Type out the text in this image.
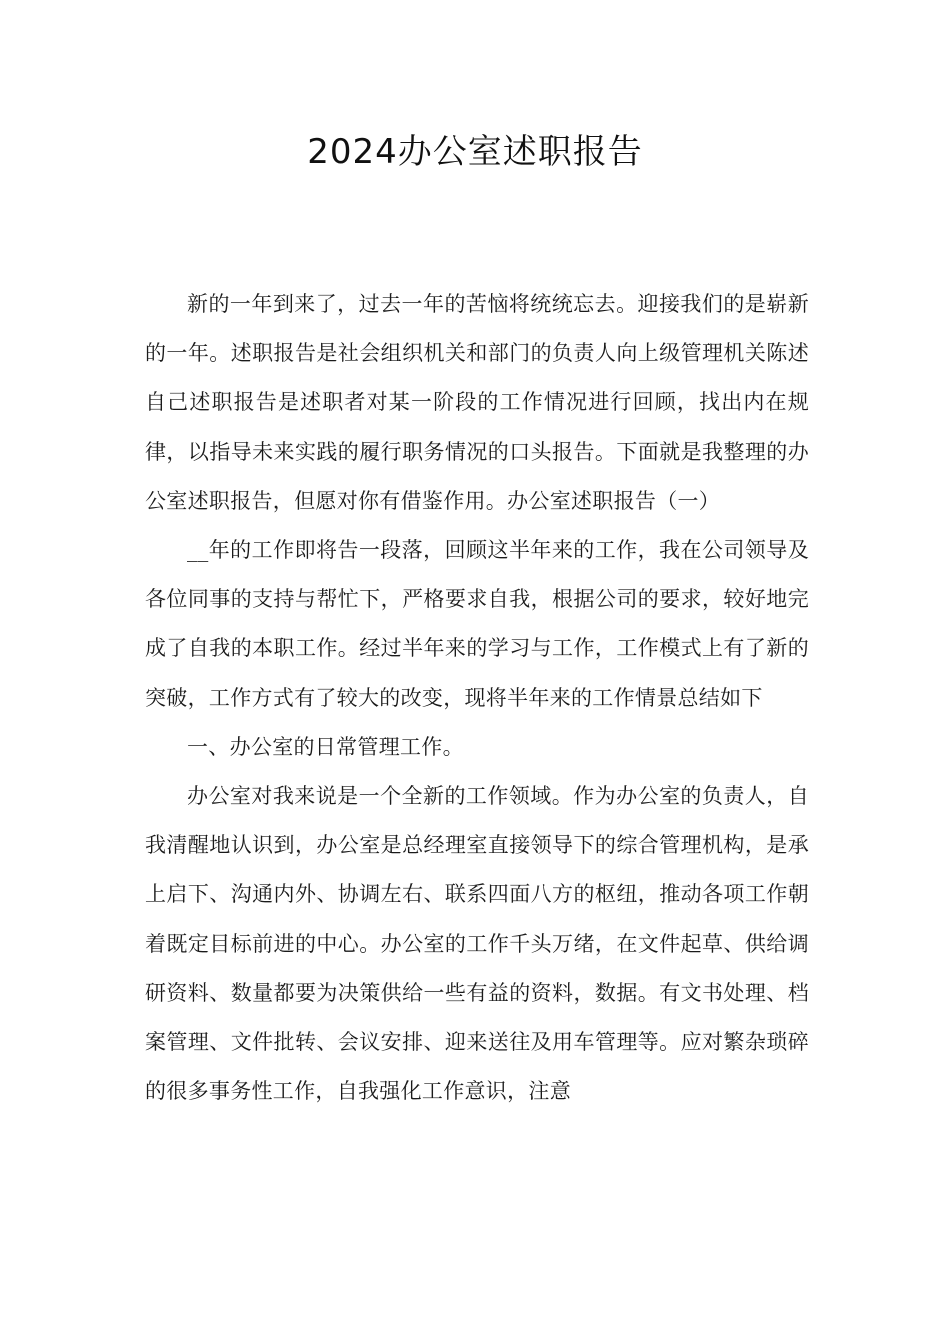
2024办公室述职报告

新的一年到来了，过去一年的苦恼将统统忘去。迎接我们的是崭新的一年。述职报告是社会组织机关和部门的负责人向上级管理机关陈述自己述职报告是述职者对某一阶段的工作情况进行回顾，找出内在规律，以指导未来实践的履行职务情况的口头报告。下面就是我整理的办公室述职报告，但愿对你有借鉴作用。办公室述职报告（一）

__年的工作即将告一段落，回顾这半年来的工作，我在公司领导及各位同事的支持与帮忙下，严格要求自我，根据公司的要求，较好地完成了自我的本职工作。经过半年来的学习与工作，工作模式上有了新的突破，工作方式有了较大的改变，现将半年来的工作情景总结如下

一、办公室的日常管理工作。

办公室对我来说是一个全新的工作领域。作为办公室的负责人，自我清醒地认识到，办公室是总经理室直接领导下的综合管理机构，是承上启下、沟通内外、协调左右、联系四面八方的枢纽，推动各项工作朝着既定目标前进的中心。办公室的工作千头万绪，在文件起草、供给调研资料、数量都要为决策供给一些有益的资料，数据。有文书处理、档案管理、文件批转、会议安排、迎来送往及用车管理等。应对繁杂琐碎的很多事务性工作，自我强化工作意识，注意
